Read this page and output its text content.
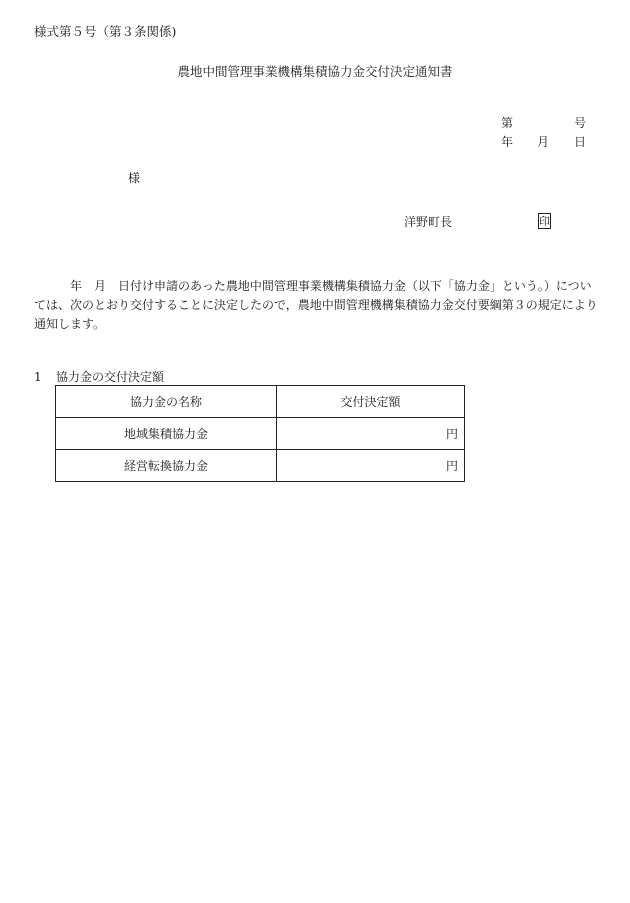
様式第５号（第３条関係)
農地中間管理事業機構集積協力金交付決定通知書
第	号
年 月 日
様
洋野町長	印

　　　年　月　日付け申請のあった農地中間管理事業機構集積協力金（以下「協力金」という。）につい

ては、次のとおり交付することに決定したので，農地中間管理機構集積協力金交付要綱第３の規定により

通知します。

1 協力金の交付決定額
協力金の名称	交付決定額
地域集積協力金	円
経営転換協力金	円
